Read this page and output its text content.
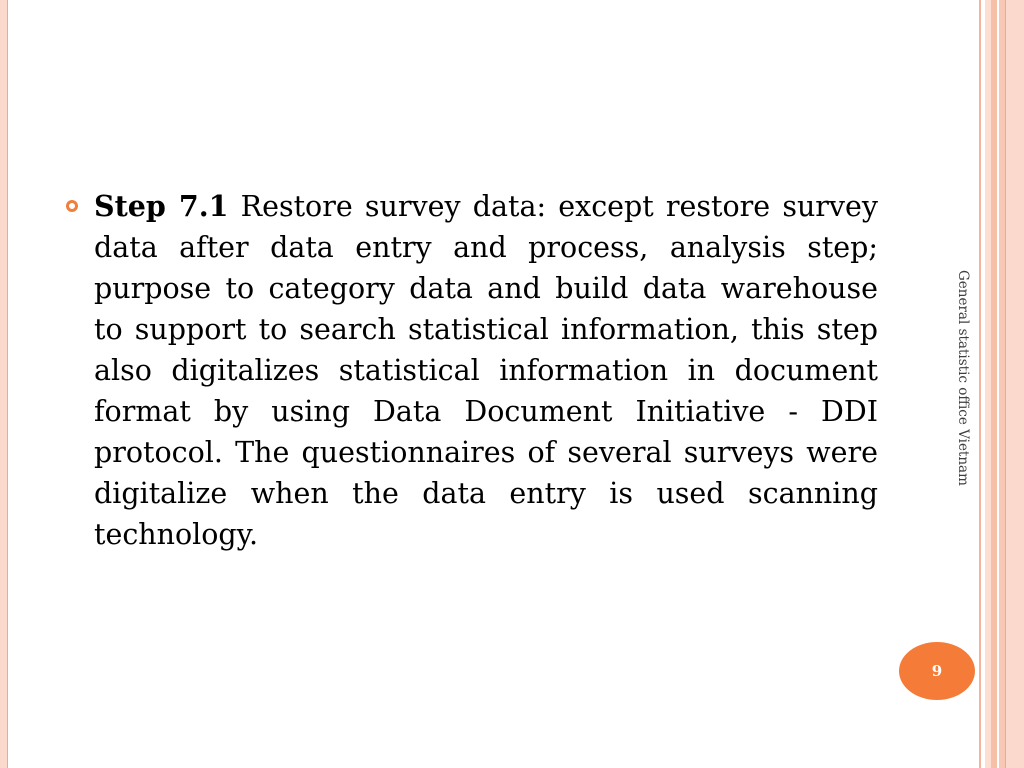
Step 7.1 Restore survey data: except restore survey data after data entry and process, analysis step; purpose to category data and build data warehouse to support to search statistical information, this step also digitalizes statistical information in document format by using Data Document Initiative - DDI protocol. The questionnaires of several surveys were digitalize when the data entry is used scanning technology.

General statistic office Vietnam
9
